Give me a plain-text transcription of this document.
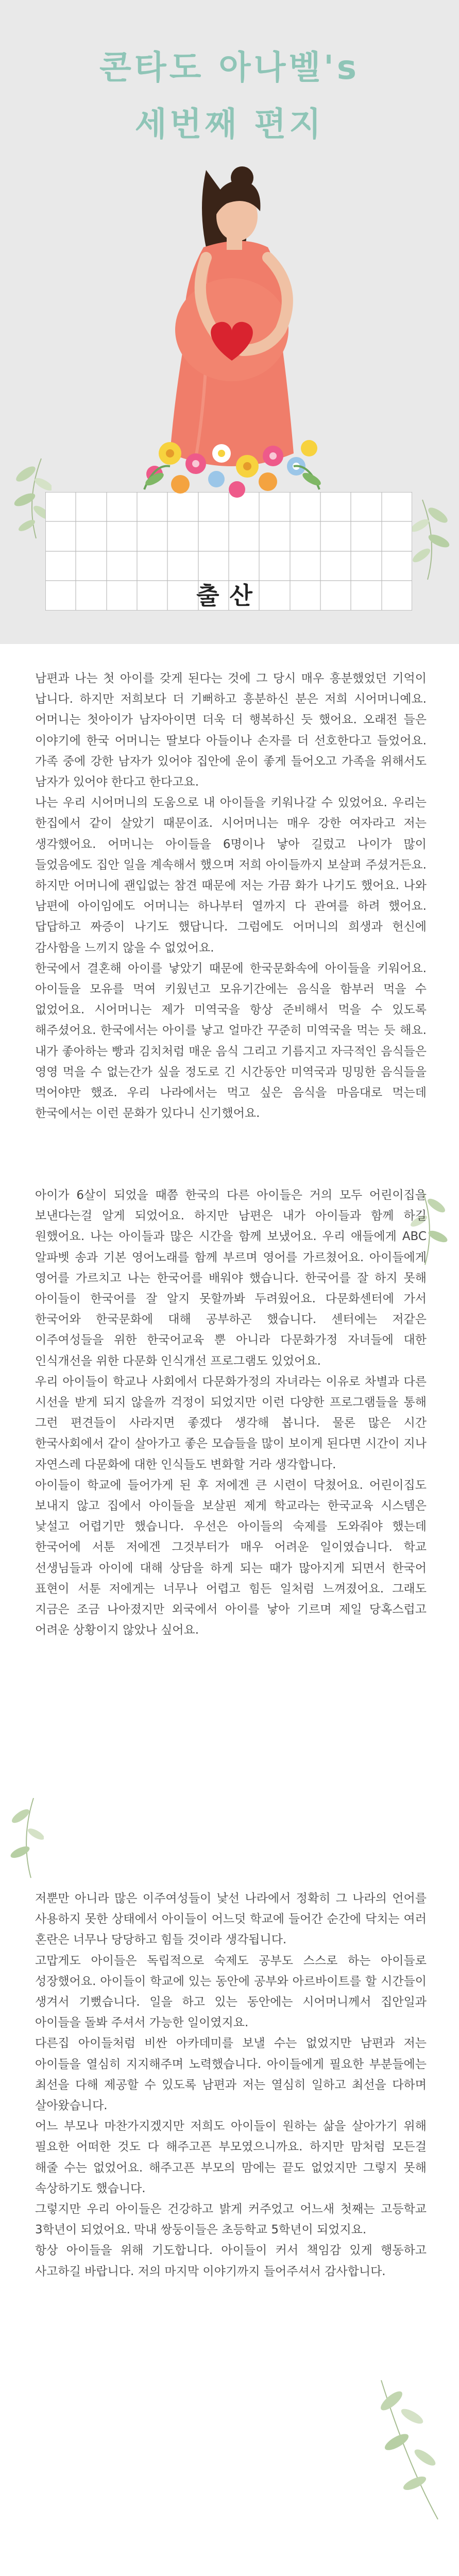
콘타도 아나벨's
세번째 편지
출산

남편과 나는 첫 아이를 갖게 된다는 것에 그 당시 매우 흥분했었던 기억이 납니다. 하지만 저희보다 더 기뻐하고 흥분하신 분은 저희 시어머니예요. 어머니는 첫아이가 남자아이면 더욱 더 행복하신 듯 했어요. 오래전 들은 이야기에 한국 어머니는 딸보다 아들이나 손자를 더 선호한다고 들었어요. 가족 중에 강한 남자가 있어야 집안에 운이 좋게 들어오고 가족을 위해서도 남자가 있어야 한다고 한다고요.

나는 우리 시어머니의 도움으로 내 아이들을 키워나갈 수 있었어요. 우리는 한집에서 같이 살았기 때문이죠. 시어머니는 매우 강한 여자라고 저는 생각했어요. 어머니는 아이들을 6명이나 낳아 길렀고 나이가 많이 들었음에도 집안 일을 계속해서 했으며 저희 아이들까지 보살펴 주셨거든요. 하지만 어머니에 괜입없는 참견 때문에 저는 가끔 화가 나기도 했어요. 나와 남편에 아이임에도 어머니는 하나부터 열까지 다 관여를 하려 했어요. 답답하고 짜증이 나기도 했답니다. 그럼에도 어머니의 희생과 헌신에 감사함을 느끼지 않을 수 없었어요.

한국에서 결혼해 아이를 낳았기 때문에 한국문화속에 아이들을 키워어요. 아이들을 모유를 먹여 키웠넌고 모유기간에는 음식을 함부러 먹을 수 없었어요. 시어머니는 제가 미역국을 항상 준비해서 먹을 수 있도록 해주셨어요. 한국에서는 아이를 낳고 얼마간 꾸준히 미역국을 먹는 듯 해요. 내가 좋아하는 빵과 김치처럼 매운 음식 그리고 기름지고 자극적인 음식들은 영영 먹을 수 없는간가 싶을 정도로 긴 시간동안 미역국과 밍밍한 음식들을 먹어야만 했죠. 우리 나라에서는 먹고 싶은 음식을 마음대로 먹는데 한국에서는 이런 문화가 있다니 신기했어요.

아이가 6살이 되었을 때쯤 한국의 다른 아이들은 거의 모두 어린이집을 보낸다는걸 알게 되었어요. 하지만 남편은 내가 아이들과 함께 하길 원했어요. 나는 아이들과 많은 시간을 함께 보냈어요. 우리 애들에게 ABC 알파벳 송과 기본 영어노래를 함께 부르며 영어를 가르쳤어요. 아이들에게 영어를 가르치고 나는 한국어를 배워야 했습니다. 한국어를 잘 하지 못해 아이들이 한국어를 잘 알지 못할까봐 두려웠어요. 다문화센터에 가서 한국어와 한국문화에 대해 공부하곤 했습니다. 센터에는 저같은 이주여성들을 위한 한국어교육 뿐 아니라 다문화가정 자녀들에 대한 인식개선을 위한 다문화 인식개선 프로그램도 있었어요.

우리 아이들이 학교나 사회에서 다문화가정의 자녀라는 이유로 차별과 다른 시선을 받게 되지 않을까 걱정이 되었지만 이런 다양한 프로그램들을 통해 그런 편견들이 사라지면 좋겠다 생각해 봅니다. 물론 많은 시간 한국사회에서 같이 살아가고 좋은 모습들을 많이 보이게 된다면 시간이 지나 자연스레 다문화에 대한 인식들도 변화할 거라 생각합니다.

아이들이 학교에 들어가게 된 후 저에겐 큰 시련이 닥쳤어요. 어린이집도 보내지 않고 집에서 아이들을 보살핀 제게 학교라는 한국교육 시스템은 낯설고 어렵기만 했습니다. 우선은 아이들의 숙제를 도와줘야 했는데 한국어에 서툰 저에겐 그것부터가 매우 어려운 일이였습니다. 학교 선생님들과 아이에 대해 상담을 하게 되는 때가 많아지게 되면서 한국어 표현이 서툰 저에게는 너무나 어렵고 힘든 일처럼 느껴졌어요. 그래도 지금은 조금 나아졌지만 외국에서 아이를 낳아 기르며 제일 당혹스럽고 어려운 상황이지 않았나 싶어요.

저뿐만 아니라 많은 이주여성들이 낯선 나라에서 정확히 그 나라의 언어를 사용하지 못한 상태에서 아이들이 어느덧 학교에 들어간 순간에 닥치는 여러 혼란은 너무나 당당하고 힘들 것이라 생각됩니다.

고맙게도 아이들은 독립적으로 숙제도 공부도 스스로 하는 아이들로 성장했어요. 아이들이 학교에 있는 동안에 공부와 아르바이트를 할 시간들이 생겨서 기뻤습니다. 일을 하고 있는 동안에는 시어머니께서 집안일과 아이들을 돌봐 주셔서 가능한 일이였지요.

다른집 아이들처럼 비싼 아카데미를 보낼 수는 없었지만 남편과 저는 아이들을 열심히 지지해주며 노력했습니다. 아이들에게 필요한 부분들에는 최선을 다해 제공할 수 있도록 남편과 저는 열심히 일하고 최선을 다하며 살아왔습니다.

어느 부모나 마찬가지겠지만 저희도 아이들이 원하는 삶을 살아가기 위해 필요한 어떠한 것도 다 해주고픈 부모였으니까요. 하지만 맘처럼 모든걸 해줄 수는 없었어요. 해주고픈 부모의 맘에는 끝도 없었지만 그렇지 못해 속상하기도 했습니다.

그렇지만 우리 아이들은 건강하고 밝게 커주었고 어느새 첫째는 고등학교 3학년이 되었어요. 막내 쌍둥이들은 초등학교 5학년이 되었지요.

항상 아이들을 위해 기도합니다. 아이들이 커서 책임감 있게 행동하고 사고하길 바랍니다. 저의 마지막 이야기까지 들어주셔서 감사합니다.
